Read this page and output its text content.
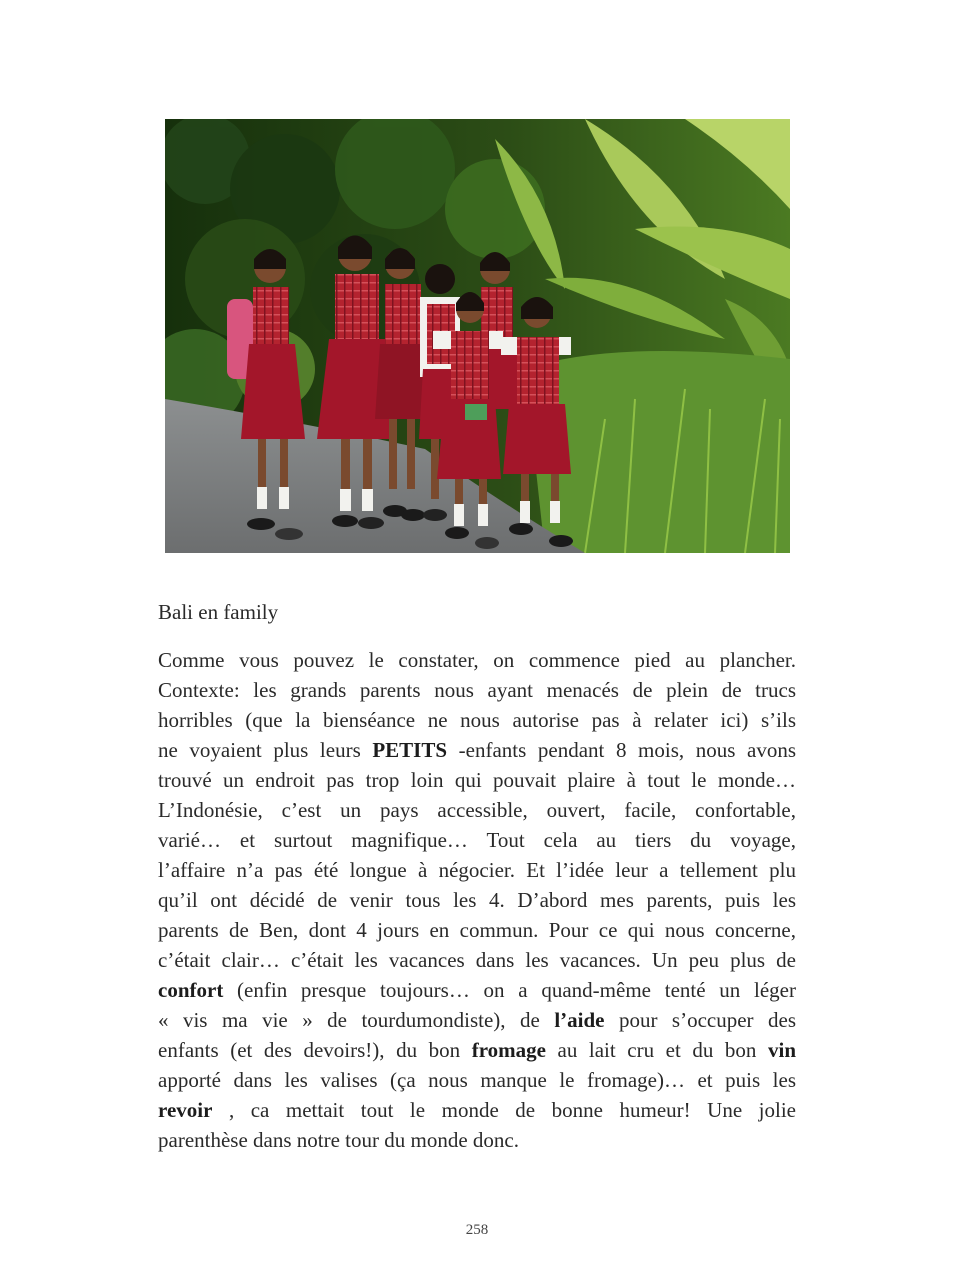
Bali en family
Comme vous pouvez le constater, on commence pied au plancher.
Contexte: les grands parents nous ayant menacés de plein de trucs
horribles (que la bienséance ne nous autorise pas à relater ici) s’ils
ne voyaient plus leurs PETITS -enfants pendant 8 mois, nous avons
trouvé un endroit pas trop loin qui pouvait plaire à tout le monde…
L’Indonésie, c’est un pays accessible, ouvert, facile, confortable,
varié… et surtout magnifique… Tout cela au tiers du voyage,
l’affaire n’a pas été longue à négocier. Et l’idée leur a tellement plu
qu’il ont décidé de venir tous les 4. D’abord mes parents, puis les
parents de Ben, dont 4 jours en commun. Pour ce qui nous concerne,
c’était clair… c’était les vacances dans les vacances. Un peu plus de
confort (enfin presque toujours… on a quand-même tenté un léger
« vis ma vie » de tourdumondiste), de l’aide pour s’occuper des
enfants (et des devoirs!), du bon fromage au lait cru et du bon vin
apporté dans les valises (ça nous manque le fromage)… et puis les
revoir , ca mettait tout le monde de bonne humeur! Une jolie
parenthèse dans notre tour du monde donc.
258
